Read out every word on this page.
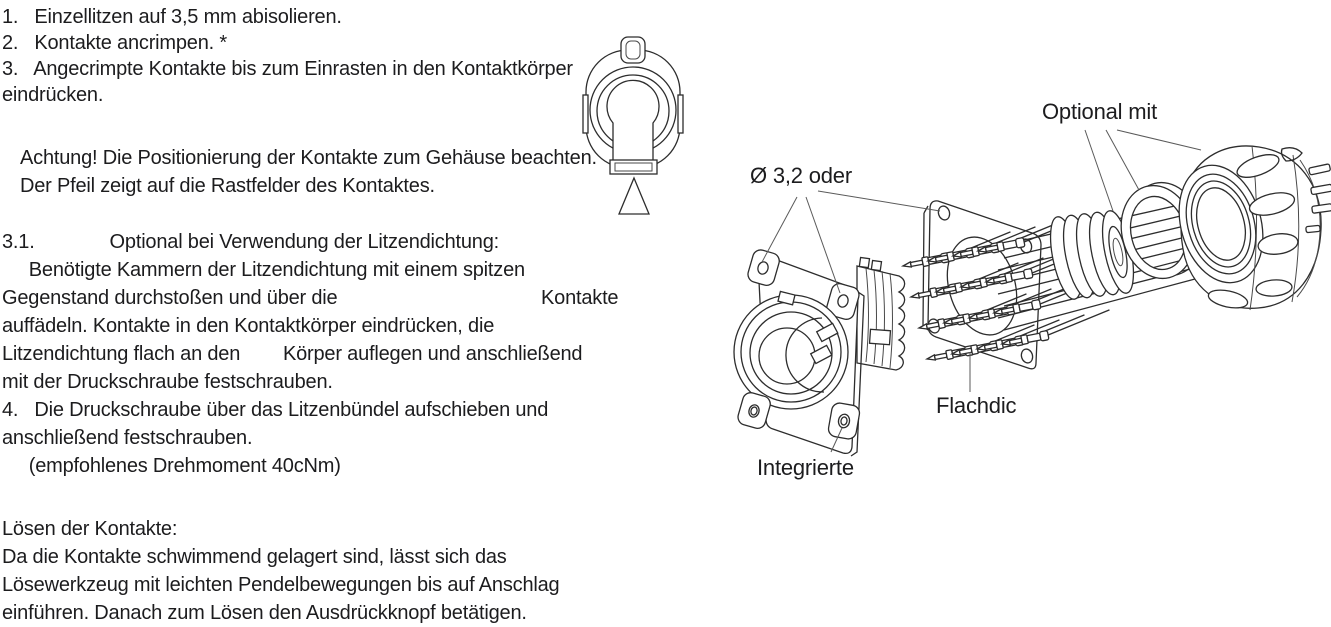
1.   Einzellitzen auf 3,5 mm abisolieren.
2.   Kontakte ancrimpen. *
3.   Angecrimpte Kontakte bis zum Einrasten in den Kontaktkörper
eindrücken.
Achtung! Die Positionierung der Kontakte zum Gehäuse beachten.
Der Pfeil zeigt auf die Rastfelder des Kontaktes.
3.1.              Optional bei Verwendung der Litzendichtung:
Benötigte Kammern der Litzendichtung mit einem spitzen
Gegenstand durchstoßen und über die                                      Kontakte
auffädeln. Kontakte in den Kontaktkörper eindrücken, die
Litzendichtung flach an den        Körper auflegen und anschließend
mit der Druckschraube festschrauben.
4.   Die Druckschraube über das Litzenbündel aufschieben und
anschließend festschrauben.
(empfohlenes Drehmoment 40cNm)
Lösen der Kontakte:
Da die Kontakte schwimmend gelagert sind, lässt sich das
Lösewerkzeug mit leichten Pendelbewegungen bis auf Anschlag
einführen. Danach zum Lösen den Ausdrückknopf betätigen.
Ø 3,2 oder
Optional mit
Flachdic
Integrierte
